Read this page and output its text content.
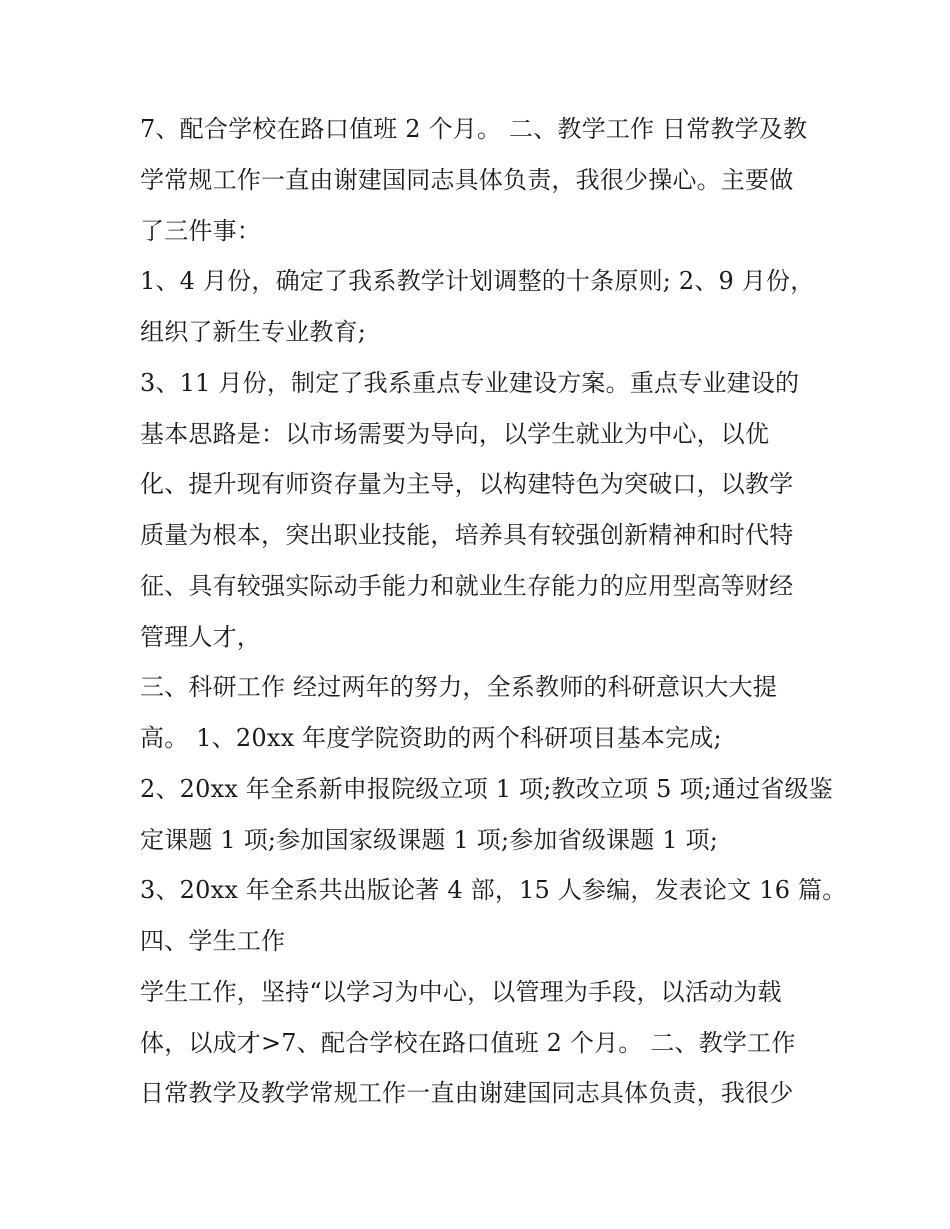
7、配合学校在路口值班 2 个月。 二、教学工作 日常教学及教
学常规工作一直由谢建国同志具体负责，我很少操心。主要做
了三件事：
1、4 月份，确定了我系教学计划调整的十条原则; 2、9 月份，
组织了新生专业教育;
3、11 月份，制定了我系重点专业建设方案。重点专业建设的
基本思路是：以市场需要为导向，以学生就业为中心，以优
化、提升现有师资存量为主导，以构建特色为突破口，以教学
质量为根本，突出职业技能，培养具有较强创新精神和时代特
征、具有较强实际动手能力和就业生存能力的应用型高等财经
管理人才，
三、科研工作 经过两年的努力，全系教师的科研意识大大提
高。 1、20xx 年度学院资助的两个科研项目基本完成;
2、20xx 年全系新申报院级立项 1 项;教改立项 5 项;通过省级鉴
定课题 1 项;参加国家级课题 1 项;参加省级课题 1 项;
3、20xx 年全系共出版论著 4 部，15 人参编，发表论文 16 篇。
四、学生工作
学生工作，坚持“以学习为中心，以管理为手段，以活动为载
体，以成才>7、配合学校在路口值班 2 个月。 二、教学工作
日常教学及教学常规工作一直由谢建国同志具体负责，我很少
